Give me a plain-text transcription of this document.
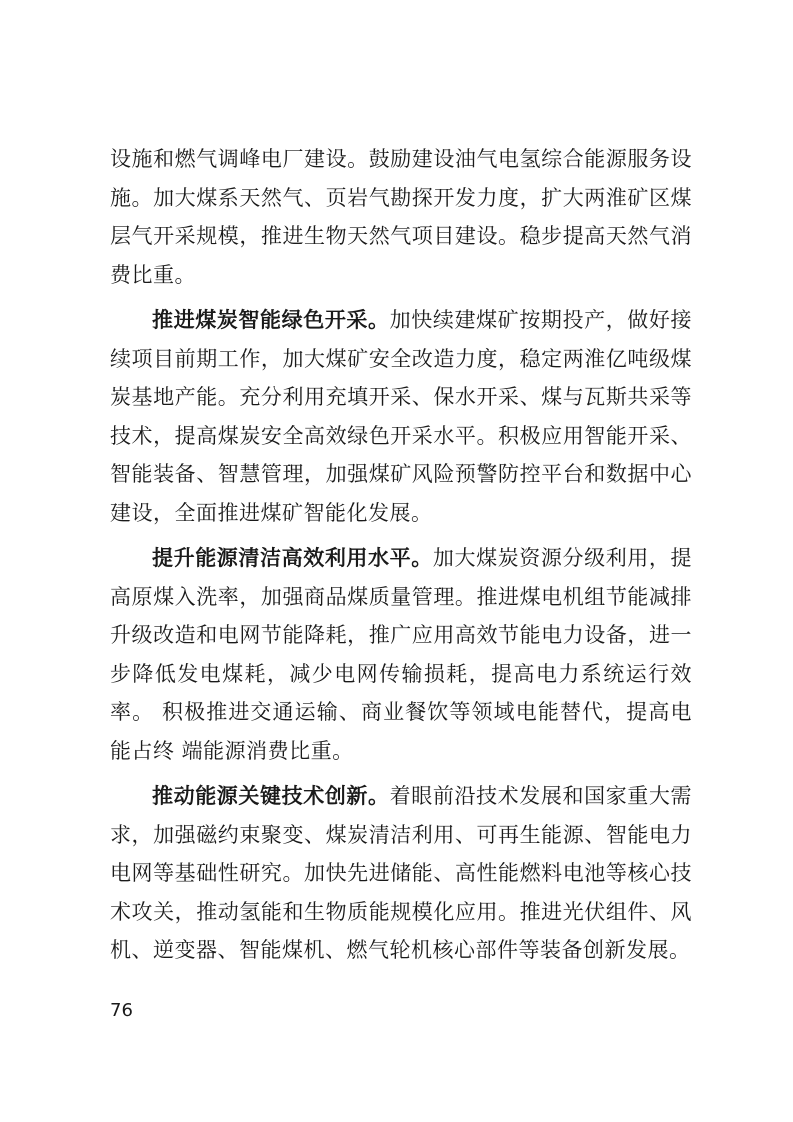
设施和燃气调峰电厂建设。鼓励建设油气电氢综合能源服务设施。加大煤系天然气、页岩气勘探开发力度，扩大两淮矿区煤 层气开采规模，推进生物天然气项目建设。稳步提高天然气消 费比重。

推进煤炭智能绿色开采。加快续建煤矿按期投产，做好接续项目前期工作，加大煤矿安全改造力度，稳定两淮亿吨级煤 炭基地产能。充分利用充填开采、保水开采、煤与瓦斯共采等 技术，提高煤炭安全高效绿色开采水平。积极应用智能开采、 智能装备、智慧管理，加强煤矿风险预警防控平台和数据中心 建设，全面推进煤矿智能化发展。

提升能源清洁高效利用水平。加大煤炭资源分级利用，提高原煤入洗率，加强商品煤质量管理。推进煤电机组节能减排升级改造和电网节能降耗，推广应用高效节能电力设备，进一步降低发电煤耗，减少电网传输损耗，提高电力系统运行效率。 积极推进交通运输、商业餐饮等领域电能替代，提高电能占终 端能源消费比重。

推动能源关键技术创新。着眼前沿技术发展和国家重大需求，加强磁约束聚变、煤炭清洁利用、可再生能源、智能电力 电网等基础性研究。加快先进储能、高性能燃料电池等核心技 术攻关，推动氢能和生物质能规模化应用。推进光伏组件、风 机、逆变器、智能煤机、燃气轮机核心部件等装备创新发展。

76
